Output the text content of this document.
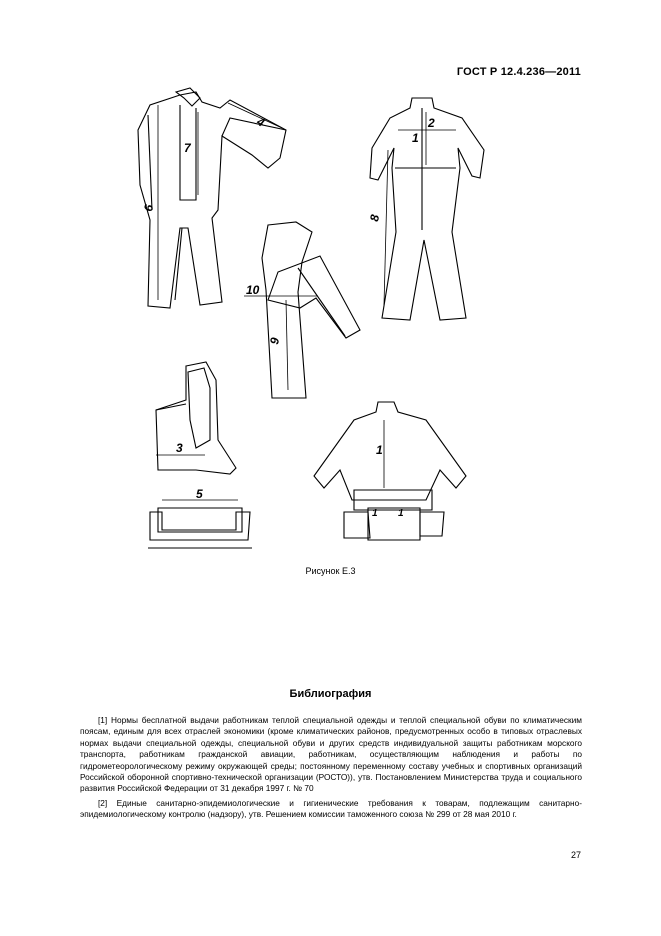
ГОСТ Р 12.4.236—2011
6
7
4	2
1
8
10
9
3
5
1
1 1
Рисунок Е.3
Библиография

[1] Нормы бесплатной выдачи работникам теплой специальной одежды и теплой специальной обуви по климатическим поясам, единым для всех отраслей экономики (кроме климатических районов, предусмотренных особо в типовых отраслевых нормах выдачи специальной одежды, специальной обуви и других средств индивидуальной защиты работникам морского транспорта, работникам гражданской авиации, работникам, осуществляющим наблюдения и работы по гидрометеорологическому режиму окружающей среды; постоянному переменному составу учебных и спортивных организаций Российской оборонной спортивно-технической организации (РОСТО)), утв. Постановлением Министерства труда и социального развития Российской Федерации от 31 декабря 1997 г. № 70

[2] Единые санитарно-эпидемиологические и гигиенические требования к товарам, подлежащим санитарно-эпидемиологическому контролю (надзору), утв. Решением комиссии таможенного союза № 299 от 28 мая 2010 г.

27
